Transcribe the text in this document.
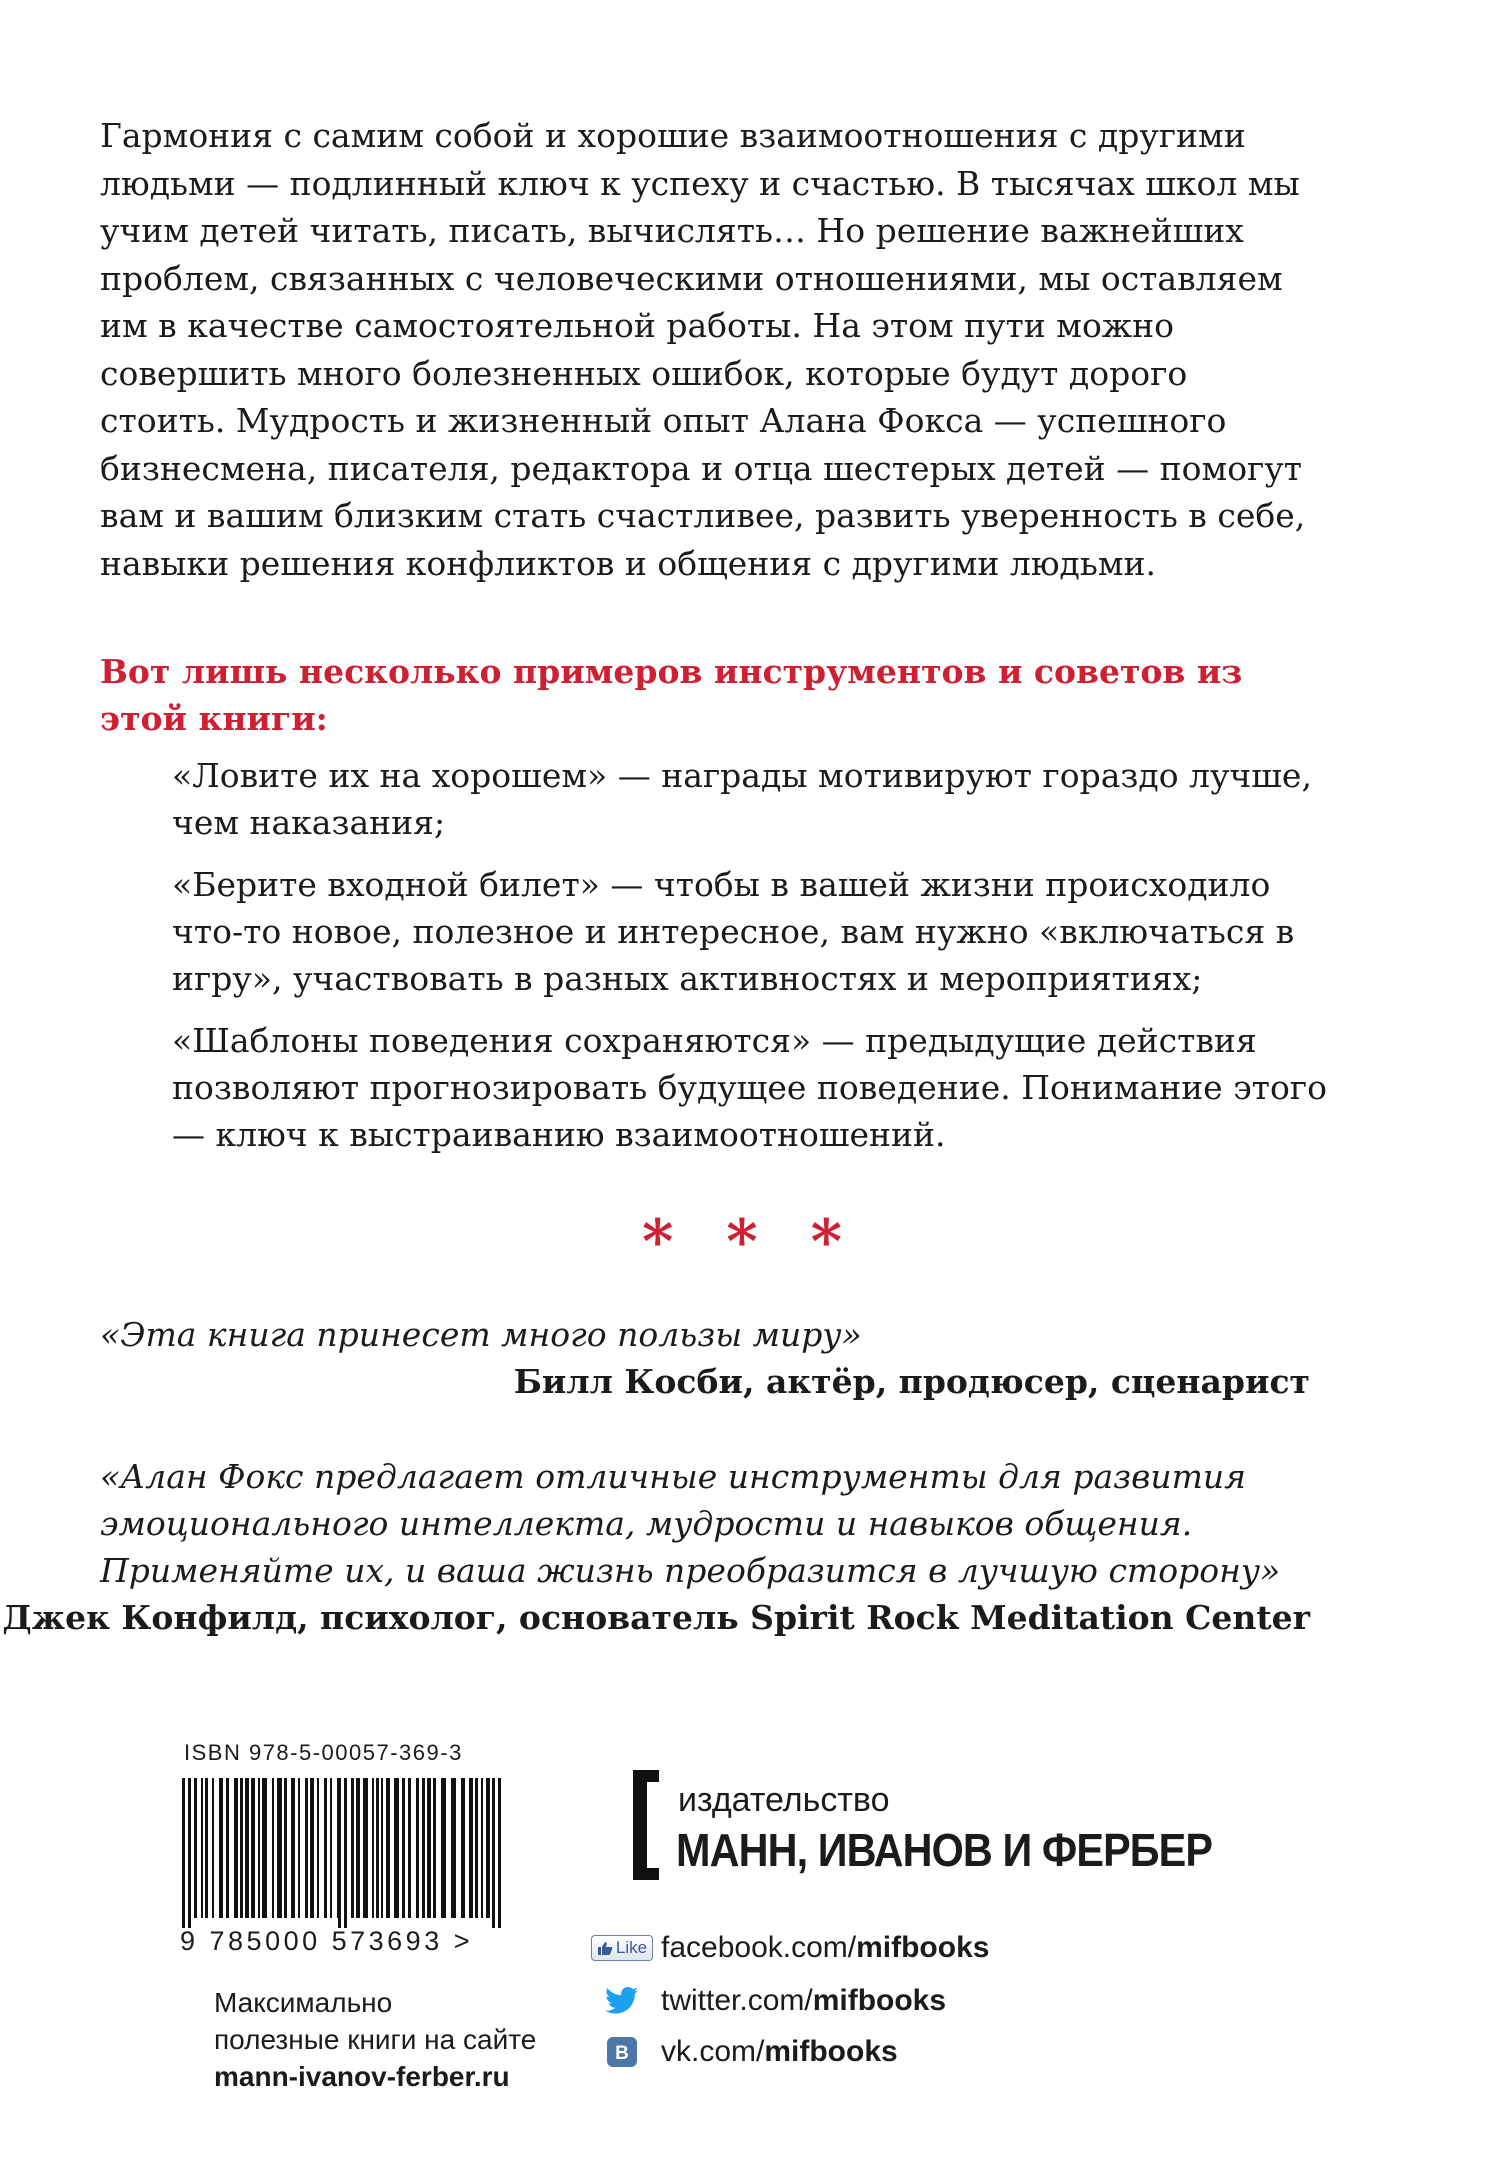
Гармония с самим собой и хорошие взаимоотношения с другими людьми — подлинный ключ к успеху и счастью. В тысячах школ мы учим детей читать, писать, вычислять… Но решение важнейших проблем, связанных с человеческими отношениями, мы оставляем им в качестве самостоятельной работы. На этом пути можно совершить много болезненных ошибок, которые будут дорого стоить. Мудрость и жизненный опыт Алана Фокса — успешного бизнесмена, писателя, редактора и отца шестерых детей — помогут вам и вашим близким стать счастливее, развить уверенность в себе, навыки решения конфликтов и общения с другими людьми.

Вот лишь несколько примеров инструментов и советов из этой книги:

«Ловите их на хорошем» — награды мотивируют гораздо лучше, чем наказания;
«Берите входной билет» — чтобы в вашей жизни происходило что-то новое, полезное и интересное, вам нужно «включаться в игру», участвовать в разных активностях и мероприятиях;
«Шаблоны поведения сохраняются» — предыдущие действия позволяют прогнозировать будущее поведение. Понимание этого — ключ к выстраиванию взаимоотношений.
* * *

«Эта книга принесет много пользы миру»

Билл Косби, актёр, продюсер, сценарист

«Алан Фокс предлагает отличные инструменты для развития эмоционального интеллекта, мудрости и навыков общения. Применяйте их, и ваша жизнь преобразится в лучшую сторону»

Джек Конфилд, психолог, основатель Spirit Rock Meditation Center
ISBN 978-5-00057-369-3
9 785000 573693 >
Максимально
полезные книги на сайте
mann-ivanov-ferber.ru
издательство
МАНН, ИВАНОВ И ФЕРБЕР
Like facebook.com/ mifbooks
twitter.com/ mifbooks
B vk.com/ mifbooks
